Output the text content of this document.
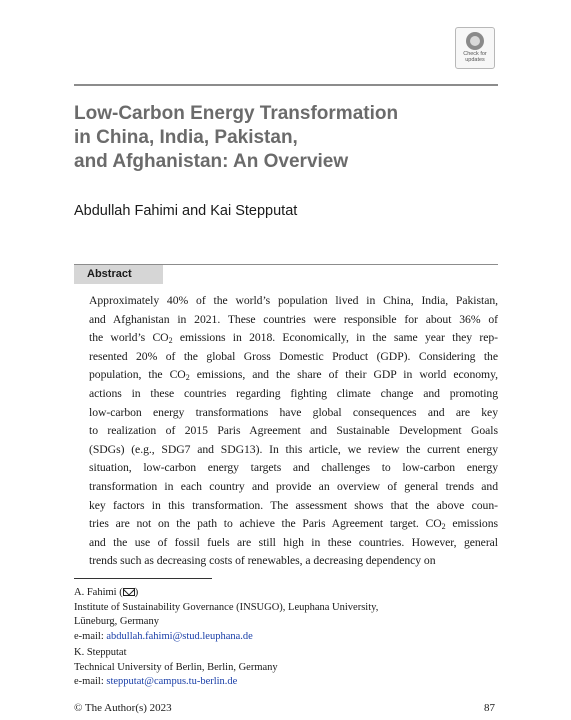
Check for
updates
Low-Carbon Energy Transformation
in China, India, Pakistan,
and Afghanistan: An Overview
Abdullah Fahimi and Kai Stepputat
Abstract
Approximately 40% of the world’s population lived in China, India, Pakistan,
and Afghanistan in 2021. These countries were responsible for about 36% of
the world’s $CO_2$ emissions in 2018. Economically, in the same year they rep-
resented 20% of the global Gross Domestic Product (GDP). Considering the
population, the $CO_2$ emissions, and the share of their GDP in world economy,
actions in these countries regarding fighting climate change and promoting
low-carbon energy transformations have global consequences and are key
to realization of 2015 Paris Agreement and Sustainable Development Goals
(SDGs) (e.g., SDG7 and SDG13). In this article, we review the current energy
situation, low-carbon energy targets and challenges to low-carbon energy
transformation in each country and provide an overview of general trends and
key factors in this transformation. The assessment shows that the above coun-
tries are not on the path to achieve the Paris Agreement target. $CO_2$ emissions
and the use of fossil fuels are still high in these countries. However, general
trends such as decreasing costs of renewables, a decreasing dependency on
A. Fahimi ( )
Institute of Sustainability Governance (INSUGO), Leuphana University,
Lüneburg, Germany
e-mail: abdullah.fahimi@stud.leuphana.de
K. Stepputat
Technical University of Berlin, Berlin, Germany
e-mail: stepputat@campus.tu-berlin.de
© The Author(s) 2023	87
